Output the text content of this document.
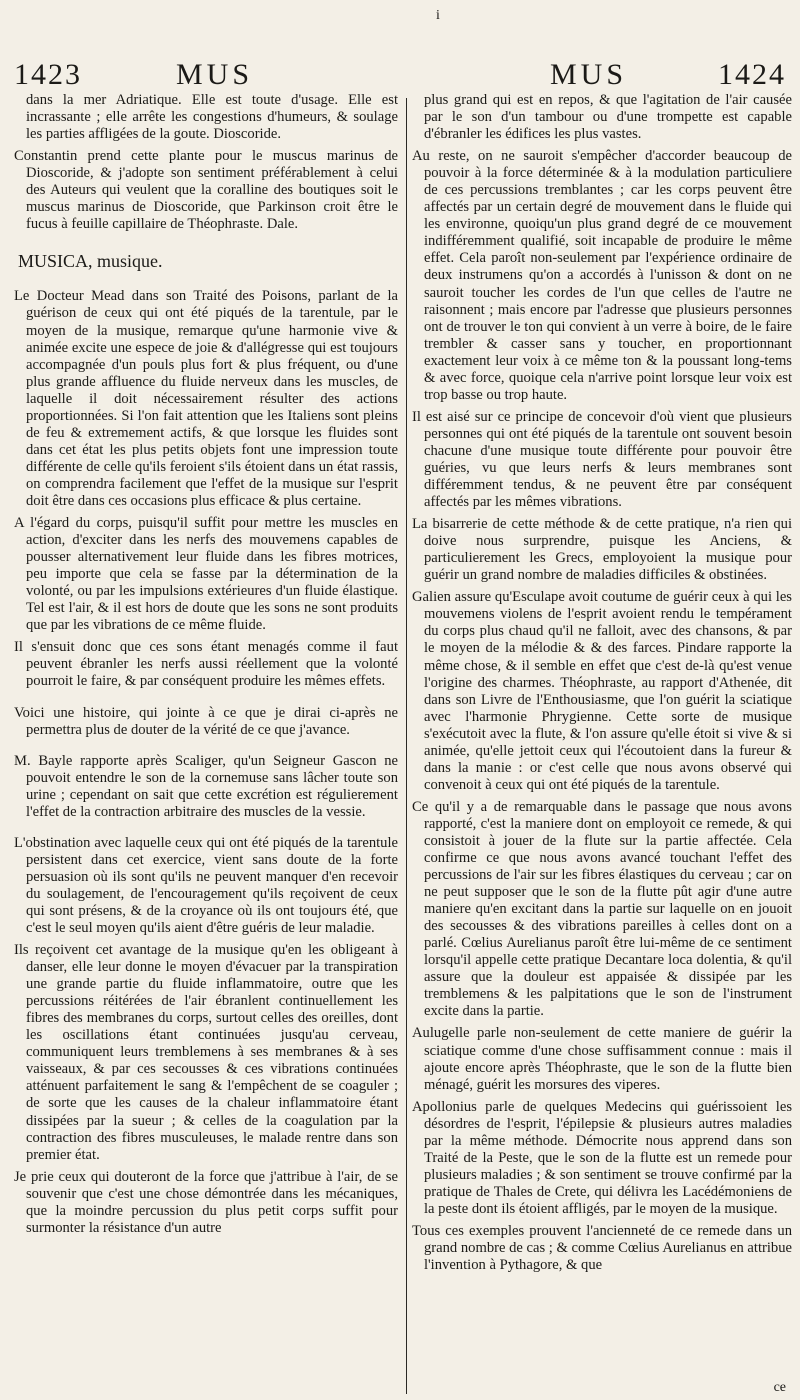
i
1423	MUS	MUS	1424

dans la mer Adriatique. Elle est toute d'usage. Elle est incrassante ; elle arrête les congestions d'humeurs, & soulage les parties affligées de la goute. Dioscoride.

Constantin prend cette plante pour le muscus marinus de Dioscoride, & j'adopte son sentiment préférablement à celui des Auteurs qui veulent que la coralline des boutiques soit le muscus marinus de Dioscoride, que Parkinson croit être le fucus à feuille capillaire de Théophraste. Dale.

MUSICA, musique.

Le Docteur Mead dans son Traité des Poisons, parlant de la guérison de ceux qui ont été piqués de la tarentule, par le moyen de la musique, remarque qu'une harmonie vive & animée excite une espece de joie & d'allégresse qui est toujours accompagnée d'un pouls plus fort & plus fréquent, ou d'une plus grande affluence du fluide nerveux dans les muscles, de laquelle il doit nécessairement résulter des actions proportionnées. Si l'on fait attention que les Italiens sont pleins de feu & extremement actifs, & que lorsque les fluides sont dans cet état les plus petits objets font une impression toute différente de celle qu'ils feroient s'ils étoient dans un état rassis, on comprendra facilement que l'effet de la musique sur l'esprit doit être dans ces occasions plus efficace & plus certaine.

A l'égard du corps, puisqu'il suffit pour mettre les muscles en action, d'exciter dans les nerfs des mouvemens capables de pousser alternativement leur fluide dans les fibres motrices, peu importe que cela se fasse par la détermination de la volonté, ou par les impulsions extérieures d'un fluide élastique. Tel est l'air, & il est hors de doute que les sons ne sont produits que par les vibrations de ce même fluide.

Il s'ensuit donc que ces sons étant menagés comme il faut peuvent ébranler les nerfs aussi réellement que la volonté pourroit le faire, & par conséquent produire les mêmes effets.

Voici une histoire, qui jointe à ce que je dirai ci-après ne permettra plus de douter de la vérité de ce que j'avance.

M. Bayle rapporte après Scaliger, qu'un Seigneur Gascon ne pouvoit entendre le son de la cornemuse sans lâcher toute son urine ; cependant on sait que cette excrétion est régulierement l'effet de la contraction arbitraire des muscles de la vessie.

L'obstination avec laquelle ceux qui ont été piqués de la tarentule persistent dans cet exercice, vient sans doute de la forte persuasion où ils sont qu'ils ne peuvent manquer d'en recevoir du soulagement, de l'encouragement qu'ils reçoivent de ceux qui sont présens, & de la croyance où ils ont toujours été, que c'est le seul moyen qu'ils aient d'être guéris de leur maladie.

Ils reçoivent cet avantage de la musique qu'en les obligeant à danser, elle leur donne le moyen d'évacuer par la transpiration une grande partie du fluide inflammatoire, outre que les percussions réitérées de l'air ébranlent continuellement les fibres des membranes du corps, surtout celles des oreilles, dont les oscillations étant continuées jusqu'au cerveau, communiquent leurs tremblemens à ses membranes & à ses vaisseaux, & par ces secousses & ces vibrations continuées atténuent parfaitement le sang & l'empêchent de se coaguler ; de sorte que les causes de la chaleur inflammatoire étant dissipées par la sueur ; & celles de la coagulation par la contraction des fibres musculeuses, le malade rentre dans son premier état.

Je prie ceux qui douteront de la force que j'attribue à l'air, de se souvenir que c'est une chose démontrée dans les mécaniques, que la moindre percussion du plus petit corps suffit pour surmonter la résistance d'un autre

plus grand qui est en repos, & que l'agitation de l'air causée par le son d'un tambour ou d'une trompette est capable d'ébranler les édifices les plus vastes.

Au reste, on ne sauroit s'empêcher d'accorder beaucoup de pouvoir à la force déterminée & à la modulation particuliere de ces percussions tremblantes ; car les corps peuvent être affectés par un certain degré de mouvement dans le fluide qui les environne, quoiqu'un plus grand degré de ce mouvement indifféremment qualifié, soit incapable de produire le même effet. Cela paroît non-seulement par l'expérience ordinaire de deux instrumens qu'on a accordés à l'unisson & dont on ne sauroit toucher les cordes de l'un que celles de l'autre ne raisonnent ; mais encore par l'adresse que plusieurs personnes ont de trouver le ton qui convient à un verre à boire, de le faire trembler & casser sans y toucher, en proportionnant exactement leur voix à ce même ton & la poussant long-tems & avec force, quoique cela n'arrive point lorsque leur voix est trop basse ou trop haute.

Il est aisé sur ce principe de concevoir d'où vient que plusieurs personnes qui ont été piqués de la tarentule ont souvent besoin chacune d'une musique toute différente pour pouvoir être guéries, vu que leurs nerfs & leurs membranes sont différemment tendus, & ne peuvent être par conséquent affectés par les mêmes vibrations.

La bisarrerie de cette méthode & de cette pratique, n'a rien qui doive nous surprendre, puisque les Anciens, & particulierement les Grecs, employoient la musique pour guérir un grand nombre de maladies difficiles & obstinées.

Galien assure qu'Esculape avoit coutume de guérir ceux à qui les mouvemens violens de l'esprit avoient rendu le tempérament du corps plus chaud qu'il ne falloit, avec des chansons, & par le moyen de la mélodie & & des farces. Pindare rapporte la même chose, & il semble en effet que c'est de-là qu'est venue l'origine des charmes. Théophraste, au rapport d'Athenée, dit dans son Livre de l'Enthousiasme, que l'on guérit la sciatique avec l'harmonie Phrygienne. Cette sorte de musique s'exécutoit avec la flute, & l'on assure qu'elle étoit si vive & si animée, qu'elle jettoit ceux qui l'écoutoient dans la fureur & dans la manie : or c'est celle que nous avons observé qui convenoit à ceux qui ont été piqués de la tarentule.

Ce qu'il y a de remarquable dans le passage que nous avons rapporté, c'est la maniere dont on employoit ce remede, & qui consistoit à jouer de la flute sur la partie affectée. Cela confirme ce que nous avons avancé touchant l'effet des percussions de l'air sur les fibres élastiques du cerveau ; car on ne peut supposer que le son de la flutte pût agir d'une autre maniere qu'en excitant dans la partie sur laquelle on en jouoit des secousses & des vibrations pareilles à celles dont on a parlé. Cœlius Aurelianus paroît être lui-même de ce sentiment lorsqu'il appelle cette pratique Decantare loca dolentia, & qu'il assure que la douleur est appaisée & dissipée par les tremblemens & les palpitations que le son de l'instrument excite dans la partie.

Aulugelle parle non-seulement de cette maniere de guérir la sciatique comme d'une chose suffisamment connue : mais il ajoute encore après Théophraste, que le son de la flutte bien ménagé, guérit les morsures des viperes.

Apollonius parle de quelques Medecins qui guérissoient les désordres de l'esprit, l'épilepsie & plusieurs autres maladies par la même méthode. Démocrite nous apprend dans son Traité de la Peste, que le son de la flutte est un remede pour plusieurs maladies ; & son sentiment se trouve confirmé par la pratique de Thales de Crete, qui délivra les Lacédémoniens de la peste dont ils étoient affligés, par le moyen de la musique.

Tous ces exemples prouvent l'ancienneté de ce remede dans un grand nombre de cas ; & comme Cœlius Aurelianus en attribue l'invention à Pythagore, & que

ce
